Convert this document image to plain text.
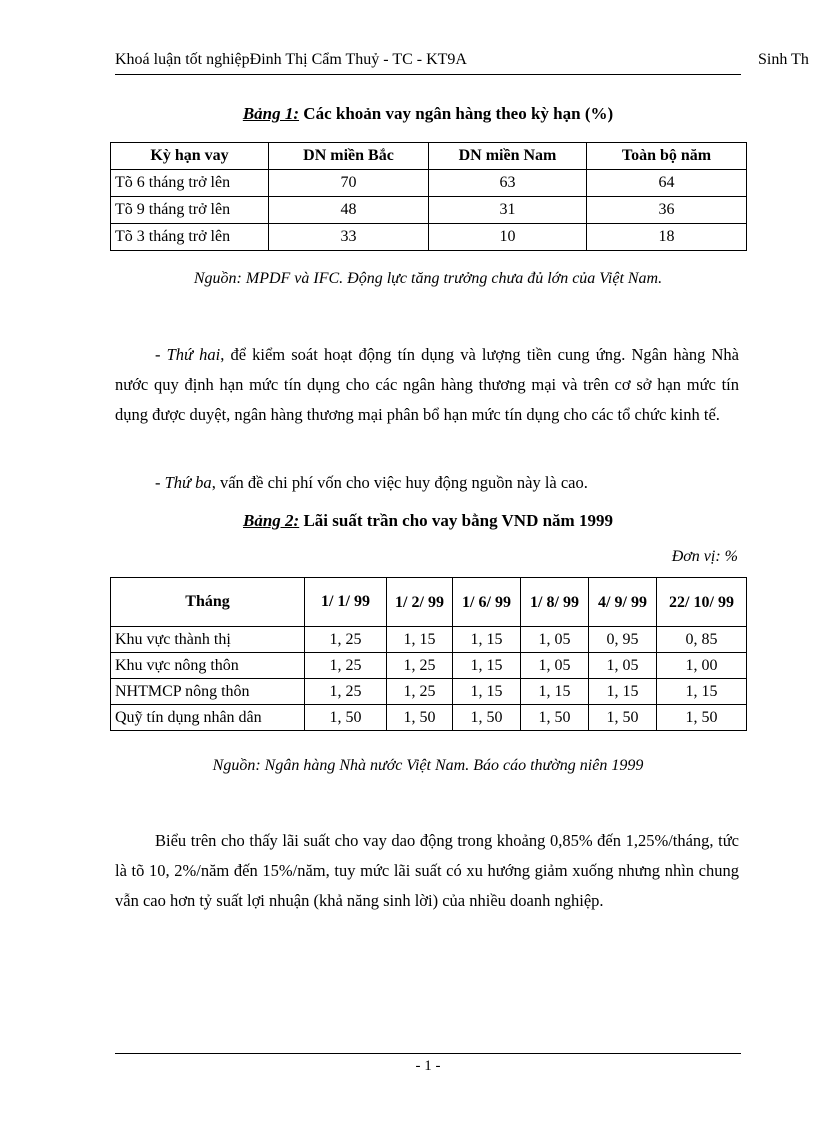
Khoá luận tốt nghiệpĐinh Thị Cẩm Thuỷ - TC - KT9A	Sinh Th
Bảng 1: Các khoản vay ngân hàng theo kỳ hạn (%)
Kỳ hạn vay	DN miền Bắc	DN miền Nam	Toàn bộ năm
Tõ 6 tháng trở lên	70	63	64
Tõ 9 tháng trở lên	48	31	36
Tõ 3 tháng trở lên	33	10	18
Nguồn: MPDF và IFC. Động lực tăng trưởng chưa đủ lớn của Việt Nam.

- Thứ hai, để kiểm soát hoạt động tín dụng và lượng tiền cung ứng. Ngân hàng Nhà nước quy định hạn mức tín dụng cho các ngân hàng thương mại và trên cơ sở hạn mức tín dụng được duyệt, ngân hàng thương mại phân bổ hạn mức tín dụng cho các tổ chức kinh tế.

- Thứ ba, vấn đề chi phí vốn cho việc huy động nguồn này là cao.

Bảng 2: Lãi suất trần cho vay bằng VND năm 1999
Đơn vị: %
Tháng	1/ 1/ 99	1/ 2/ 99	1/ 6/ 99	1/ 8/ 99	4/ 9/ 99	22/ 10/ 99
Khu vực thành thị	1, 25	1, 15	1, 15	1, 05	0, 95	0, 85
Khu vực nông thôn	1, 25	1, 25	1, 15	1, 05	1, 05	1, 00
NHTMCP nông thôn	1, 25	1, 25	1, 15	1, 15	1, 15	1, 15
Quỹ tín dụng nhân dân	1, 50	1, 50	1, 50	1, 50	1, 50	1, 50
Nguồn: Ngân hàng Nhà nước Việt Nam. Báo cáo thường niên 1999

Biểu trên cho thấy lãi suất cho vay dao động trong khoảng 0,85% đến 1,25%/tháng, tức là tõ 10, 2%/năm đến 15%/năm, tuy mức lãi suất có xu hướng giảm xuống nhưng nhìn chung vẫn cao hơn tỷ suất lợi nhuận (khả năng sinh lời) của nhiều doanh nghiệp.

- 1 -
